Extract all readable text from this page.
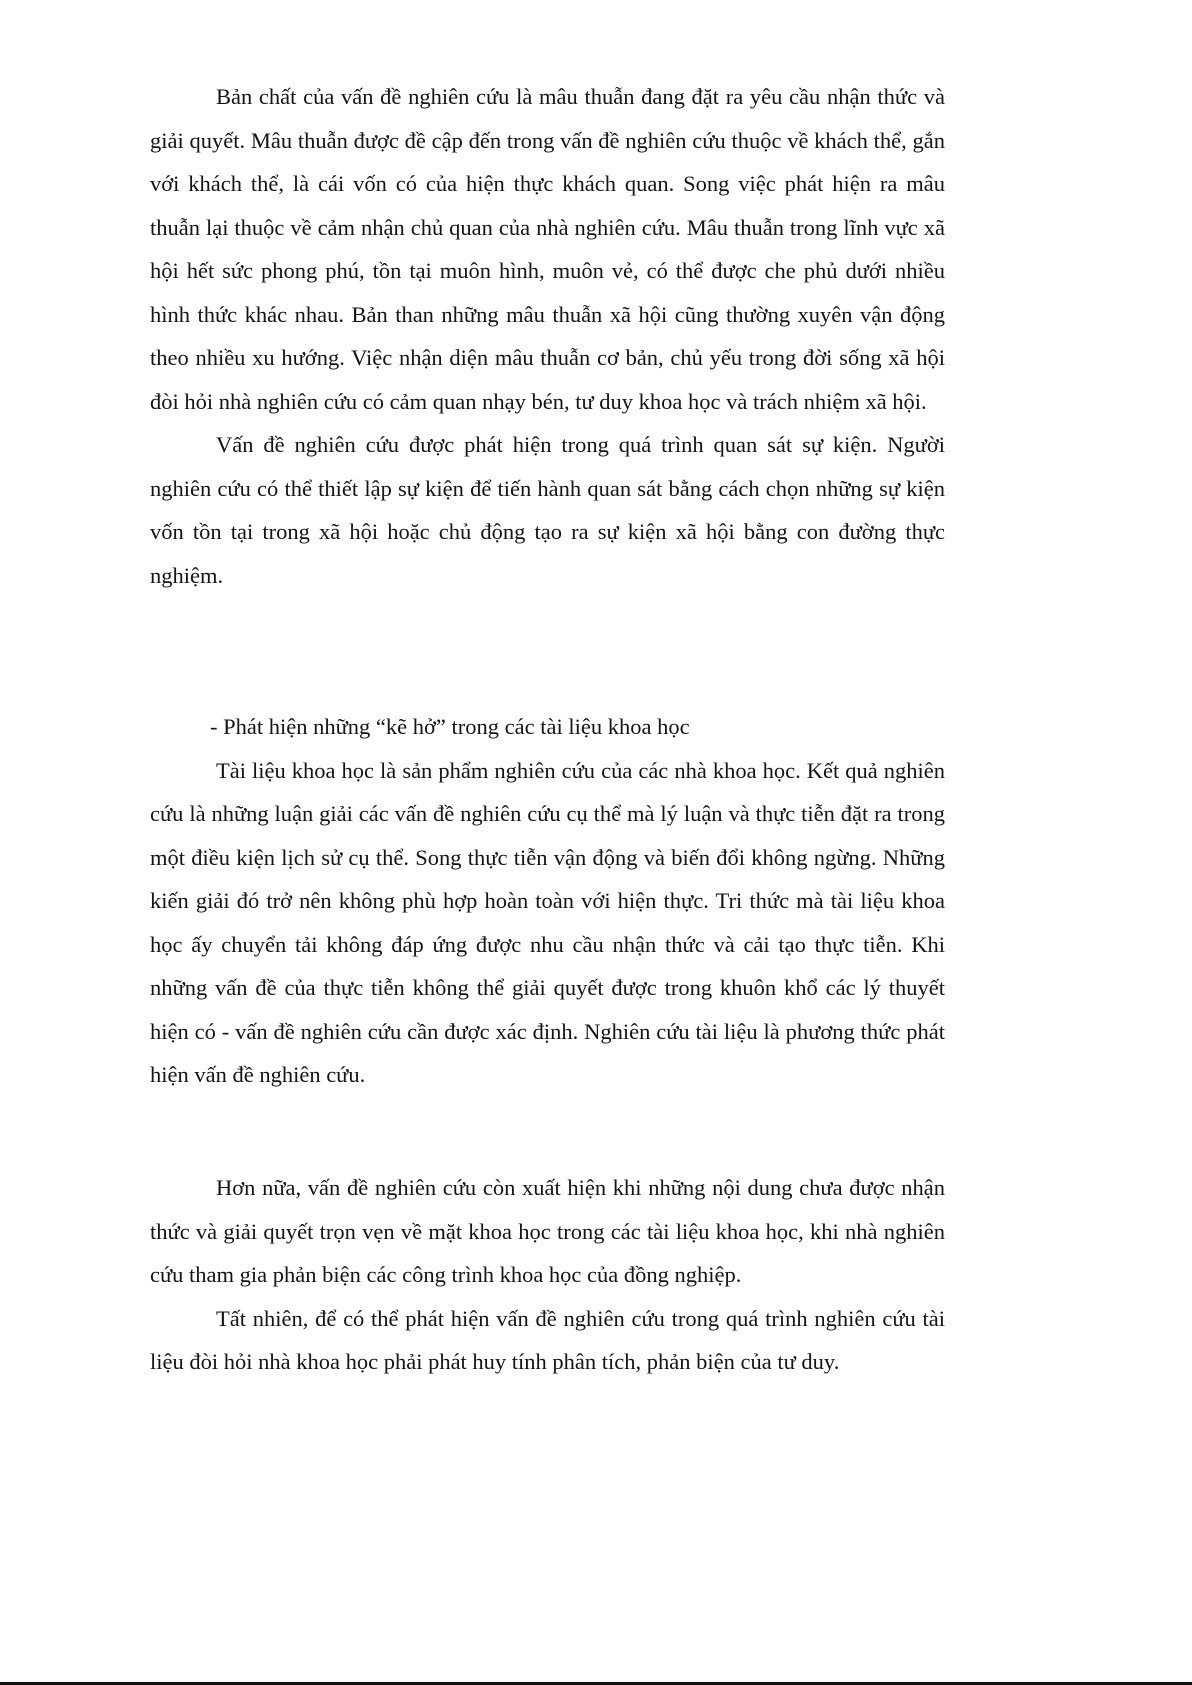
Bản chất của vấn đề nghiên cứu là mâu thuẫn đang đặt ra yêu cầu nhận thức và giải quyết. Mâu thuẫn được đề cập đến trong vấn đề nghiên cứu thuộc về khách thể, gắn với khách thể, là cái vốn có của hiện thực khách quan. Song việc phát hiện ra mâu thuẫn lại thuộc về cảm nhận chủ quan của nhà nghiên cứu. Mâu thuẫn trong lĩnh vực xã hội hết sức phong phú, tồn tại muôn hình, muôn vẻ, có thể được che phủ dưới nhiều hình thức khác nhau. Bản than những mâu thuẫn xã hội cũng thường xuyên vận động theo nhiều xu hướng. Việc nhận diện mâu thuẫn cơ bản, chủ yếu trong đời sống xã hội đòi hỏi nhà nghiên cứu có cảm quan nhạy bén, tư duy khoa học và trách nhiệm xã hội.

Vấn đề nghiên cứu được phát hiện trong quá trình quan sát sự kiện. Người nghiên cứu có thể thiết lập sự kiện để tiến hành quan sát bằng cách chọn những sự kiện vốn tồn tại trong xã hội hoặc chủ động tạo ra sự kiện xã hội bằng con đường thực nghiệm.

- Phát hiện những “kẽ hở” trong các tài liệu khoa học

Tài liệu khoa học là sản phẩm nghiên cứu của các nhà khoa học. Kết quả nghiên cứu là những luận giải các vấn đề nghiên cứu cụ thể mà lý luận và thực tiễn đặt ra trong một điều kiện lịch sử cụ thể. Song thực tiễn vận động và biến đổi không ngừng. Những kiến giải đó trở nên không phù hợp hoàn toàn với hiện thực. Tri thức mà tài liệu khoa học ấy chuyển tải không đáp ứng được nhu cầu nhận thức và cải tạo thực tiễn. Khi những vấn đề của thực tiễn không thể giải quyết được trong khuôn khổ các lý thuyết hiện có - vấn đề nghiên cứu cần được xác định. Nghiên cứu tài liệu là phương thức phát hiện vấn đề nghiên cứu.

Hơn nữa, vấn đề nghiên cứu còn xuất hiện khi những nội dung chưa được nhận thức và giải quyết trọn vẹn về mặt khoa học trong các tài liệu khoa học, khi nhà nghiên cứu tham gia phản biện các công trình khoa học của đồng nghiệp.

Tất nhiên, để có thể phát hiện vấn đề nghiên cứu trong quá trình nghiên cứu tài liệu đòi hỏi nhà khoa học phải phát huy tính phân tích, phản biện của tư duy.
